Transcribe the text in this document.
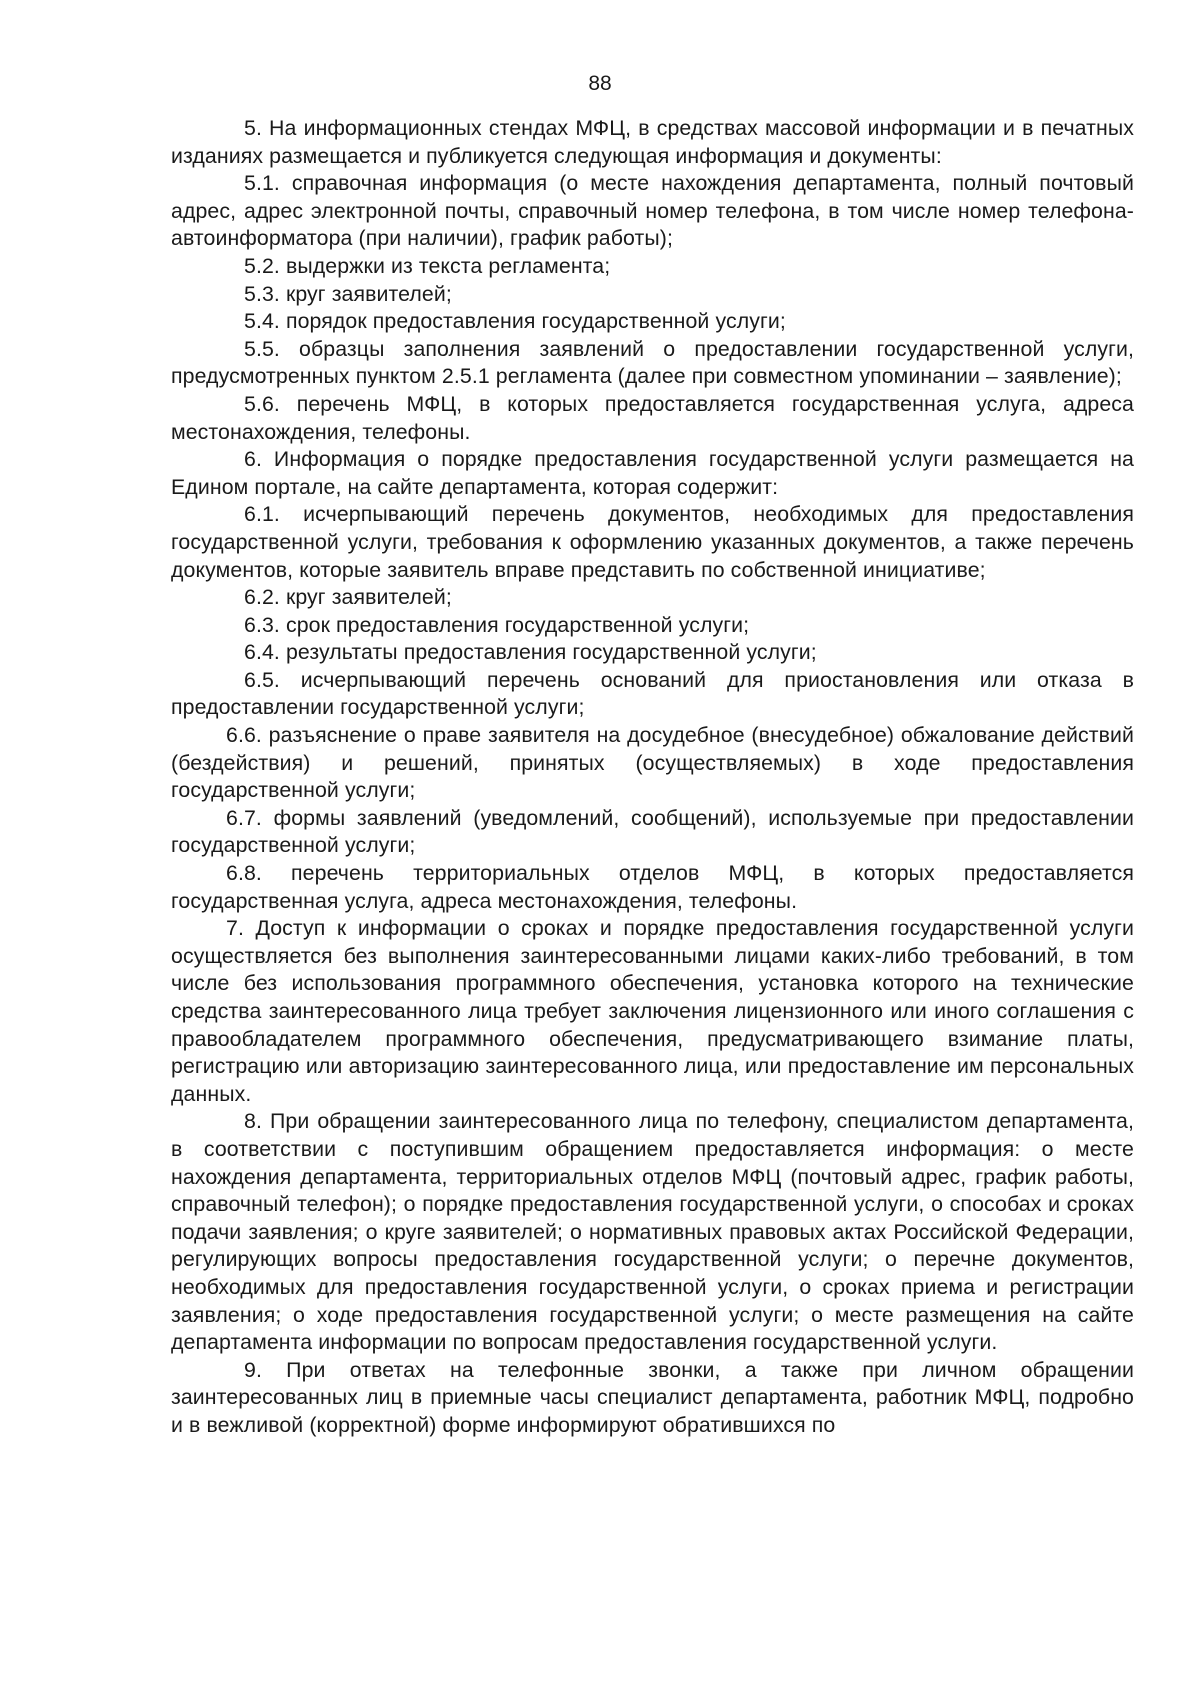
88

5. На информационных стендах МФЦ, в средствах массовой информации и в печатных изданиях размещается и публикуется следующая информация и документы:

5.1. справочная информация (о месте нахождения департамента, полный почтовый адрес, адрес электронной почты, справочный номер телефона, в том числе номер телефона-автоинформатора (при наличии), график работы);

5.2. выдержки из текста регламента;

5.3. круг заявителей;

5.4. порядок предоставления государственной услуги;

5.5. образцы заполнения заявлений о предоставлении государственной услуги, предусмотренных пунктом 2.5.1 регламента (далее при совместном упоминании – заявление);

5.6. перечень МФЦ, в которых предоставляется государственная услуга, адреса местонахождения, телефоны.

6. Информация о порядке предоставления государственной услуги размещается на Едином портале, на сайте департамента, которая содержит:

6.1. исчерпывающий перечень документов, необходимых для предоставления государственной услуги, требования к оформлению указанных документов, а также перечень документов, которые заявитель вправе представить по собственной инициативе;

6.2. круг заявителей;

6.3. срок предоставления государственной услуги;

6.4. результаты предоставления государственной услуги;

6.5. исчерпывающий перечень оснований для приостановления или отказа в предоставлении государственной услуги;

6.6. разъяснение о праве заявителя на досудебное (внесудебное) обжалование действий (бездействия) и решений, принятых (осуществляемых) в ходе предоставления государственной услуги;

6.7. формы заявлений (уведомлений, сообщений), используемые при предоставлении государственной услуги;

6.8. перечень территориальных отделов МФЦ, в которых предоставляется государственная услуга, адреса местонахождения, телефоны.

7. Доступ к информации о сроках и порядке предоставления государственной услуги осуществляется без выполнения заинтересованными лицами каких-либо требований, в том числе без использования программного обеспечения, установка которого на технические средства заинтересованного лица требует заключения лицензионного или иного соглашения с правообладателем программного обеспечения, предусматривающего взимание платы, регистрацию или авторизацию заинтересованного лица, или предоставление им персональных данных.

8. При обращении заинтересованного лица по телефону, специалистом департамента, в соответствии с поступившим обращением предоставляется информация: о месте нахождения департамента, территориальных отделов МФЦ (почтовый адрес, график работы, справочный телефон); о порядке предоставления государственной услуги, о способах и сроках подачи заявления; о круге заявителей; о нормативных правовых актах Российской Федерации, регулирующих вопросы предоставления государственной услуги; о перечне документов, необходимых для предоставления государственной услуги, о сроках приема и регистрации заявления; о ходе предоставления государственной услуги; о месте размещения на сайте департамента информации по вопросам предоставления государственной услуги.

9. При ответах на телефонные звонки, а также при личном обращении заинтересованных лиц в приемные часы специалист департамента, работник МФЦ, подробно и в вежливой (корректной) форме информируют обратившихся по
